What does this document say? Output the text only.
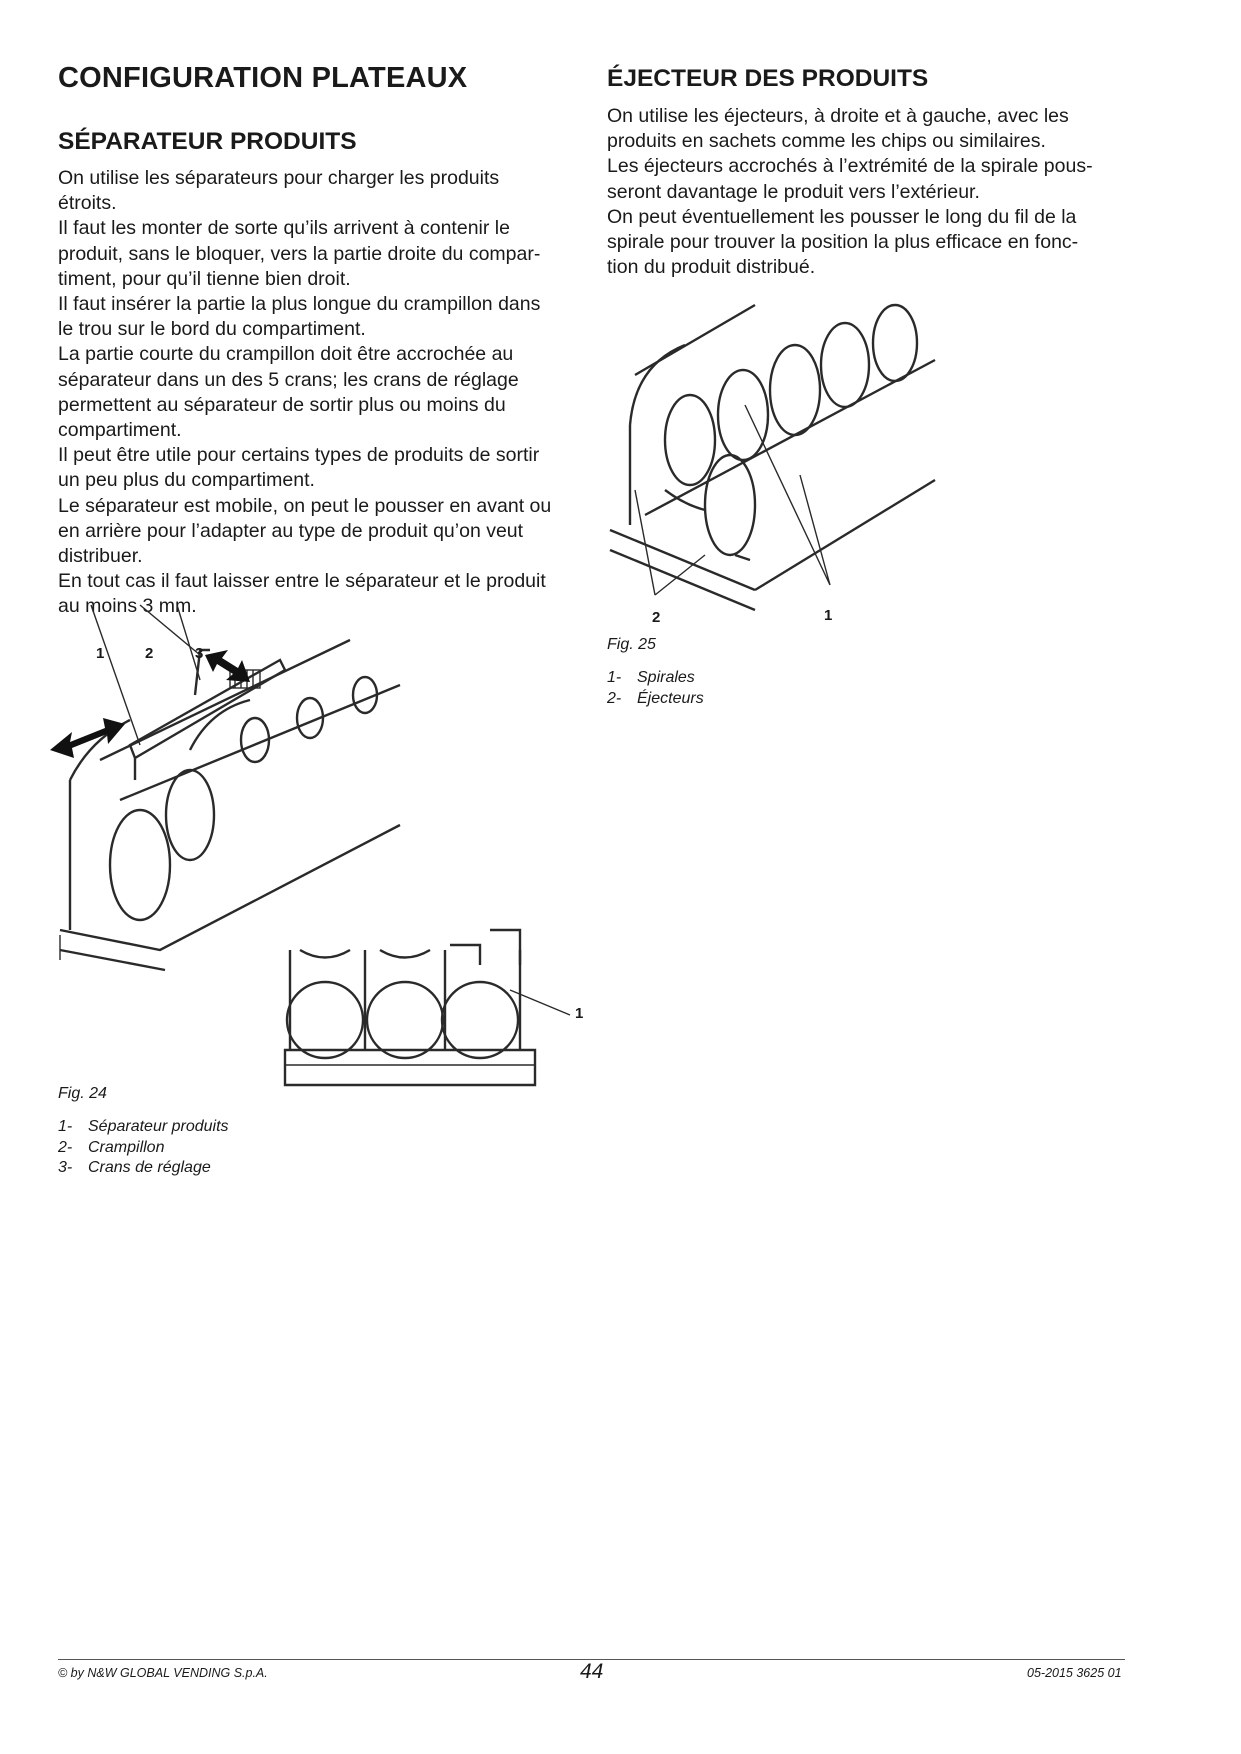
CONFIGURATION PLATEAUX
SÉPARATEUR PRODUITS
On utilise les séparateurs pour charger les produits
étroits.
Il faut les monter de sorte qu’ils arrivent à contenir le
produit, sans le bloquer, vers la partie droite du compar-
timent, pour qu’il tienne bien droit.
Il faut insérer la partie la plus longue du crampillon dans
le trou sur le bord du compartiment.
La partie courte du crampillon doit être accrochée au
séparateur dans un des 5 crans; les crans de réglage
permettent au séparateur de sortir plus ou moins du
compartiment.
Il peut être utile pour certains types de produits de sortir
un peu plus du compartiment.
Le séparateur est mobile, on peut le pousser en avant ou
en arrière pour l’adapter au type de produit qu’on veut
distribuer.
En tout cas il faut laisser entre le séparateur et le produit
au moins 3 mm.
ÉJECTEUR DES PRODUITS
On utilise les éjecteurs, à droite et à gauche, avec les
produits en sachets comme les chips ou similaires.
Les éjecteurs accrochés à l’extrémité de la spirale pous-
seront davantage le produit vers l’extérieur.
On peut éventuellement les pousser le long du fil de la
spirale pour trouver la position la plus efficace en fonc-
tion du produit distribué.
1	2	3
1
Fig. 24
1- Séparateur produits
2- Crampillon
3- Crans de réglage
2	1
Fig. 25
1- Spirales
2- Éjecteurs
© by N&W GLOBAL VENDING S.p.A.	44	05-2015 3625 01
